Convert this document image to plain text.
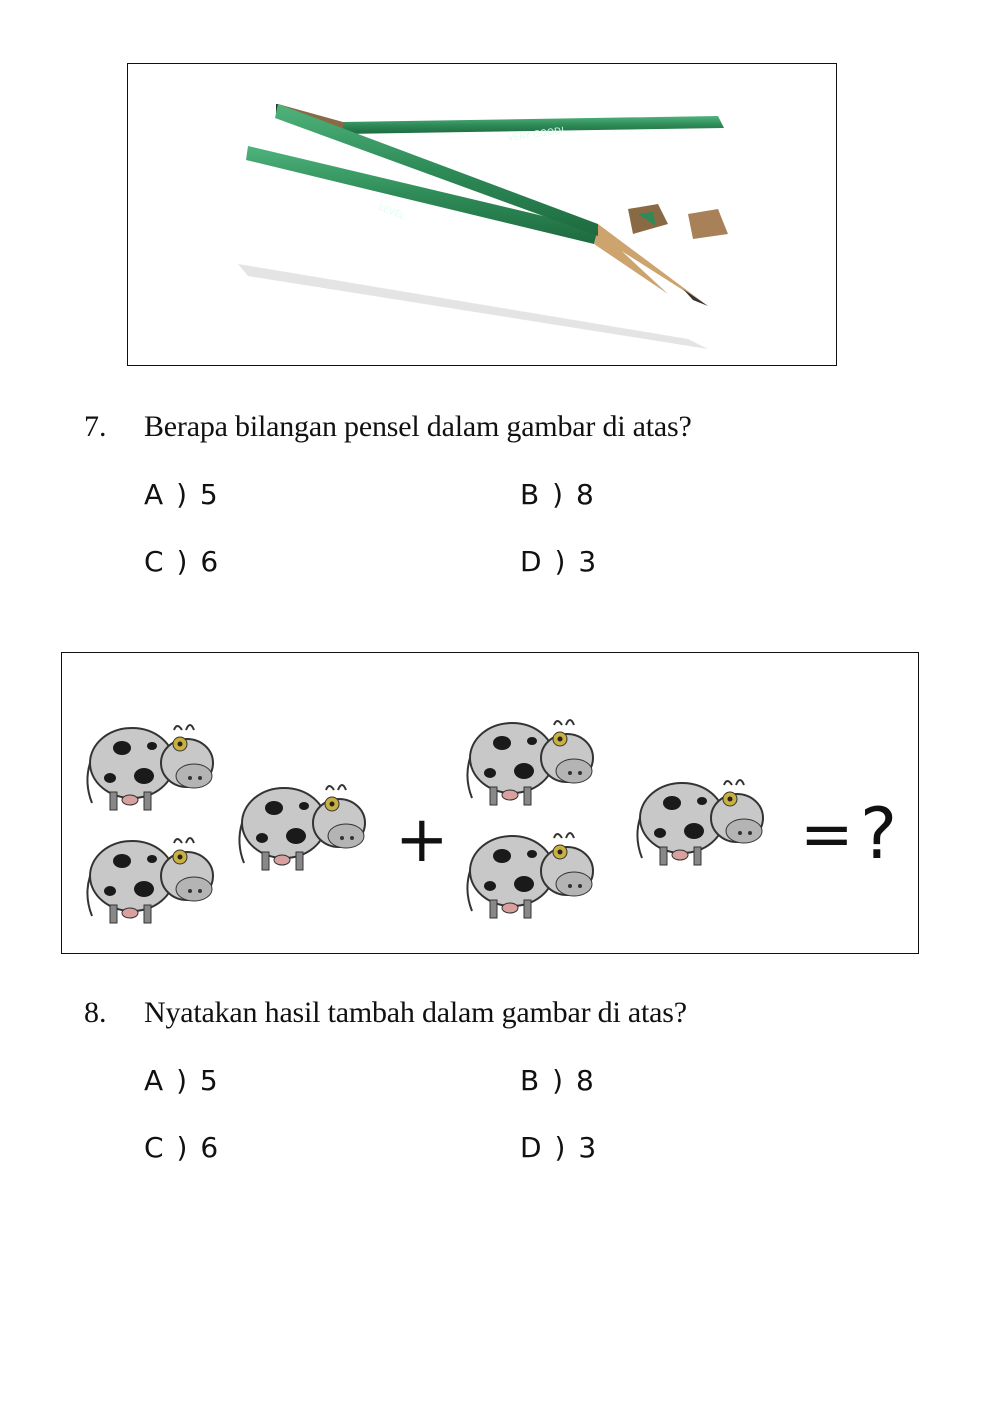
VERY GOOD!
LEVEL
7. Berapa bilangan pensel dalam gambar di atas?
A ) 5	B ) 8
C ) 6	D ) 3
+	= ?
8. Nyatakan hasil tambah dalam gambar di atas?
A ) 5	B ) 8
C ) 6	D ) 3
